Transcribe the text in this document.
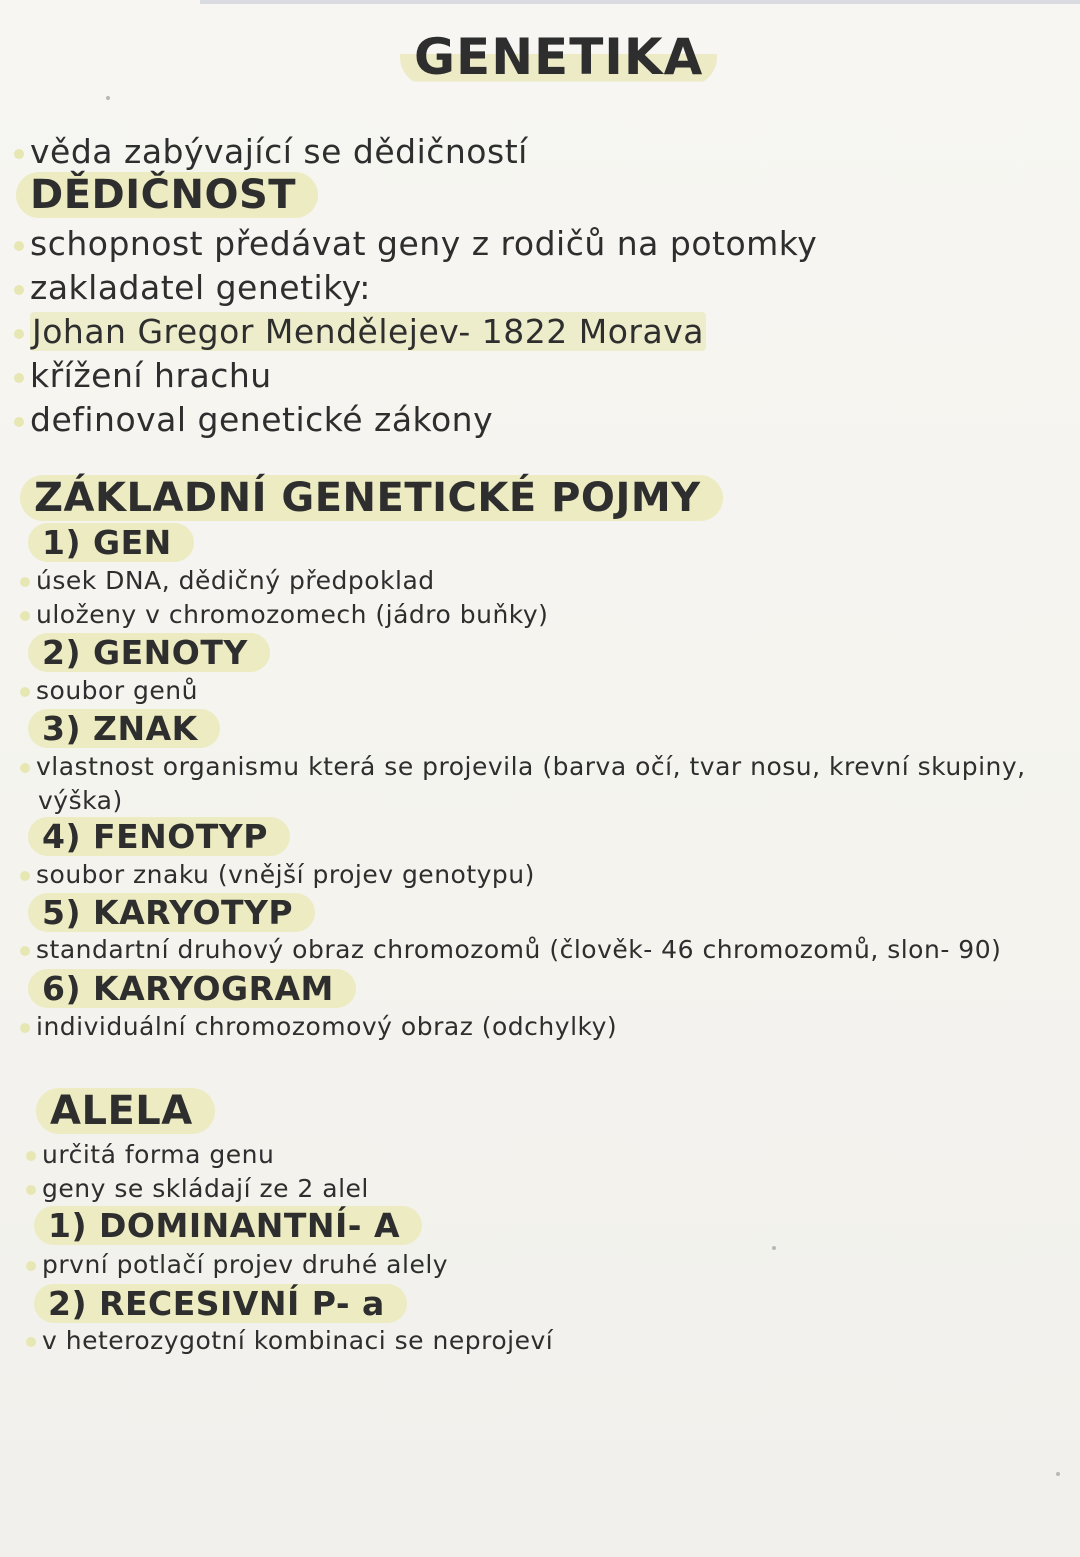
GENETIKA
věda zabývající se dědičností
DĚDIČNOST
schopnost předávat geny z rodičů na potomky
zakladatel genetiky:
Johan Gregor Mendělejev- 1822 Morava
křížení hrachu
definoval genetické zákony
ZÁKLADNÍ GENETICKÉ POJMY
1) GEN
úsek DNA, dědičný předpoklad
uloženy v chromozomech (jádro buňky)
2) GENOTY
soubor genů
3) ZNAK
vlastnost organismu která se projevila (barva očí, tvar nosu, krevní skupiny,
výška)
4) FENOTYP
soubor znaku (vnější projev genotypu)
5) KARYOTYP
standartní druhový obraz chromozomů (člověk- 46 chromozomů, slon- 90)
6) KARYOGRAM
individuální chromozomový obraz (odchylky)
ALELA
určitá forma genu
geny se skládají ze 2 alel
1) DOMINANTNÍ- A
první potlačí projev druhé alely
2) RECESIVNÍ P- a
v heterozygotní kombinaci se neprojeví
